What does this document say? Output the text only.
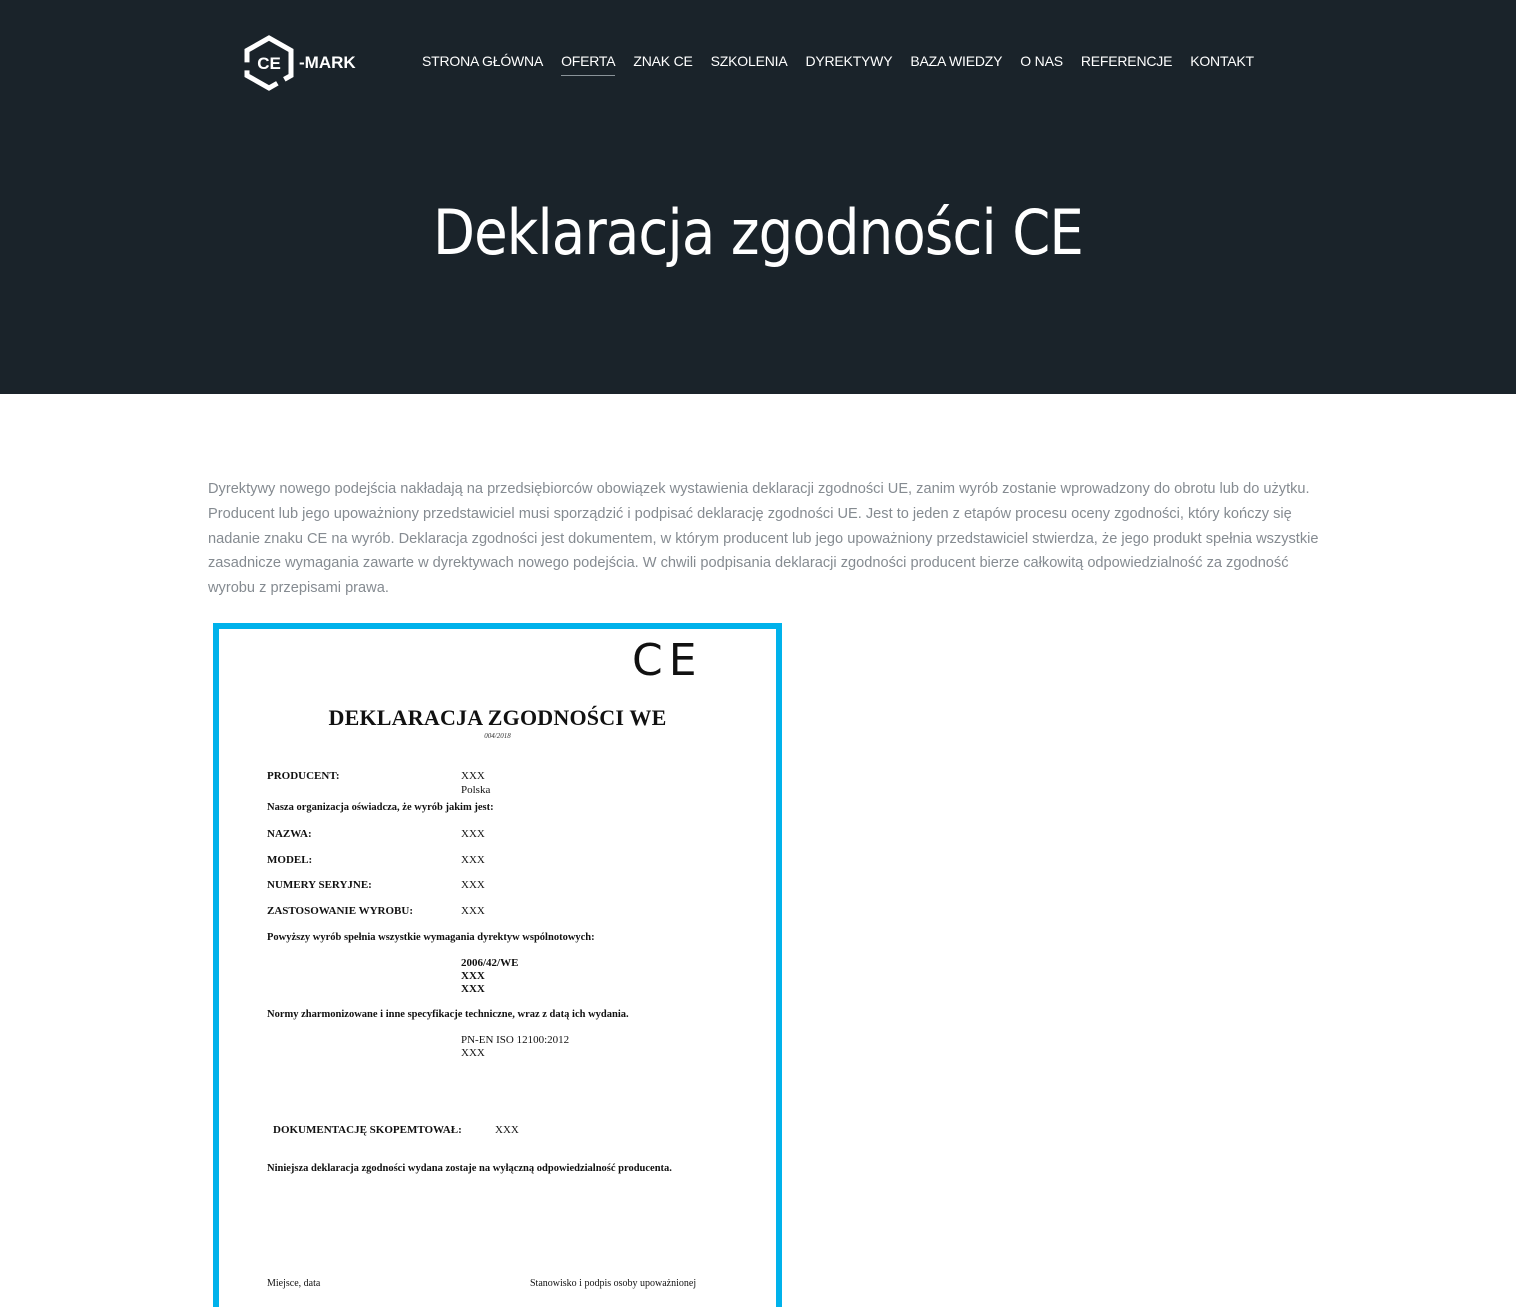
CE -MARK	STRONA GŁÓWNA OFERTA ZNAK CE SZKOLENIA DYREKTYWY BAZA WIEDZY O NAS REFERENCJE KONTAKT
Deklaracja zgodności CE

Dyrektywy nowego podejścia nakładają na przedsiębiorców obowiązek wystawienia deklaracji zgodności UE, zanim wyrób zostanie wprowadzony do obrotu lub do użytku. Producent lub jego upoważniony przedstawiciel musi sporządzić i podpisać deklarację zgodności UE. Jest to jeden z etapów procesu oceny zgodności, który kończy się nadanie znaku CE na wyrób. Deklaracja zgodności jest dokumentem, w którym producent lub jego upoważniony przedstawiciel stwierdza, że jego produkt spełnia wszystkie zasadnicze wymagania zawarte w dyrektywach nowego podejścia. W chwili podpisania deklaracji zgodności producent bierze całkowitą odpowiedzialność za zgodność wyrobu z przepisami prawa.

CE
DEKLARACJA ZGODNOŚCI WE
004/2018
PRODUCENT:	XXX
Polska
Nasza organizacja oświadcza, że wyrób jakim jest:
NAZWA:	XXX
MODEL:	XXX
NUMERY SERYJNE:	XXX
ZASTOSOWANIE WYROBU:	XXX
Powyższy wyrób spełnia wszystkie wymagania dyrektyw wspólnotowych:
2006/42/WE
XXX
XXX
Normy zharmonizowane i inne specyfikacje techniczne, wraz z datą ich wydania.
PN-EN ISO 12100:2012
XXX
DOKUMENTACJĘ SKOPEMTOWAŁ:	XXX
Niniejsza deklaracja zgodności wydana zostaje na wyłączną odpowiedzialność producenta.
Miejsce, data	Stanowisko i podpis osoby upoważnionej
